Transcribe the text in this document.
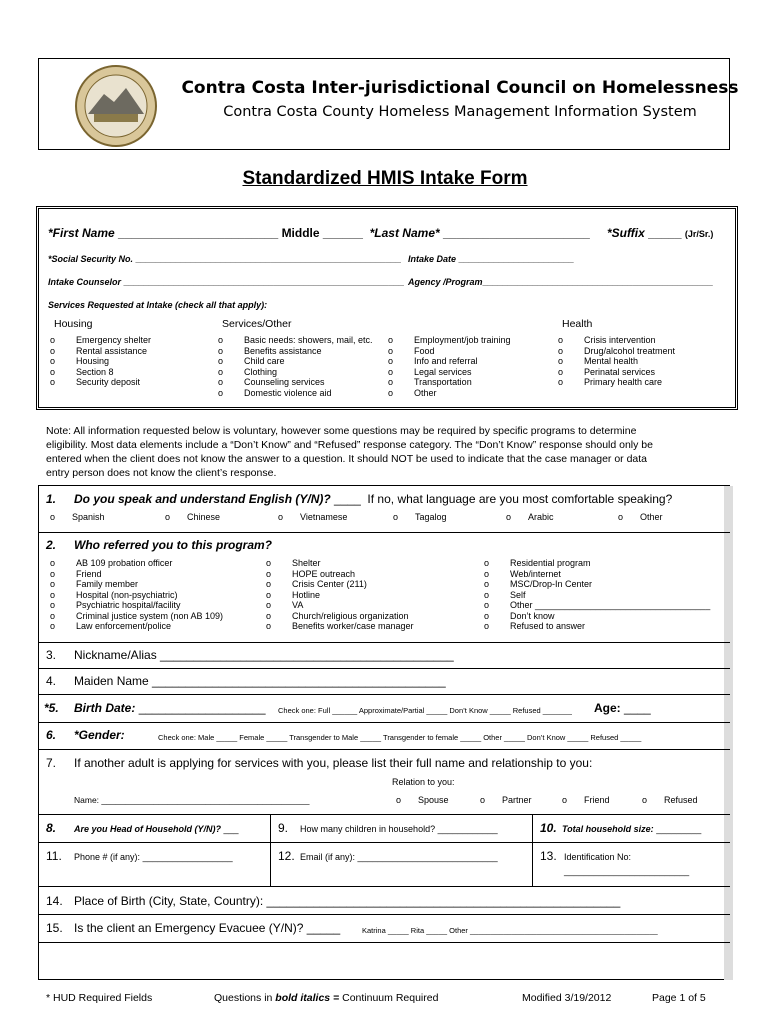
Contra Costa Inter-jurisdictional Council on Homelessness
Contra Costa County Homeless Management Information System
Standardized HMIS Intake Form
*First Name ________________________ Middle ______ *Last Name* ______________________ *Suffix _____ (Jr/Sr.)
*Social Security No. _____________________________________________________ Intake Date _______________________
Intake Counselor ________________________________________________________ Agency /Program______________________________________________
Services Requested at Intake (check all that apply):
Housing	Services/Other	Health
o Emergency shelter
o Rental assistance
o Housing
o Section 8
o Security deposit
o Basic needs: showers, mail, etc.
o Benefits assistance
o Child care
o Clothing
o Counseling services
o Domestic violence aid
o Employment/job training
o Food
o Info and referral
o Legal services
o Transportation
o Other
o Crisis intervention
o Drug/alcohol treatment
o Mental health
o Perinatal services
o Primary health care
Note: All information requested below is voluntary, however some questions may be required by specific programs to determine
eligibility. Most data elements include a “Don’t Know” and “Refused” response category. The “Don’t Know” response should only be
entered when the client does not know the answer to a question. It should NOT be used to indicate that the case manager or data
entry person does not know the client’s response.
1. Do you speak and understand English (Y/N)? ____ If no, what language are you most comfortable speaking?
o Spanish	o Chinese	o Vietnamese	o Tagalog	o Arabic	o Other
2. Who referred you to this program?
o AB 109 probation officer
o Friend
o Family member
o Hospital (non-psychiatric)
o Psychiatric hospital/facility
o Criminal justice system (non AB 109)
o Law enforcement/police
o Shelter
o HOPE outreach
o Crisis Center (211)
o Hotline
o VA
o Church/religious organization
o Benefits worker/case manager
o Residential program
o Web/internet
o MSC/Drop-In Center
o Self
o Other ___________________________________
o Don’t know
o Refused to answer
3. Nickname/Alias ____________________________________________
4. Maiden Name ____________________________________________
*5. Birth Date: ___________________ Check one: Full ______ Approximate/Partial _____ Don’t Know _____ Refused _______ Age: ____
6. *Gender:	Check one: Male _____ Female _____ Transgender to Male _____ Transgender to female _____ Other _____ Don’t Know _____ Refused _____
7. If another adult is applying for services with you, please list their full name and relationship to you:
Relation to you:
Name: ____________________________________________	o Spouse	o Partner	o Friend	o Refused
8. Are you Head of Household (Y/N)? ___	9. How many children in household? ____________	10. Total household size: _________
11. Phone # (if any): __________________	12. Email (if any): ____________________________	13. Identification No:
_________________________
14. Place of Birth (City, State, Country): _____________________________________________________
15. Is the client an Emergency Evacuee (Y/N)? _____	Katrina _____ Rita _____ Other _____________________________________________
* HUD Required Fields	Questions in bold italics = Continuum Required	Modified 3/19/2012	Page 1 of 5
